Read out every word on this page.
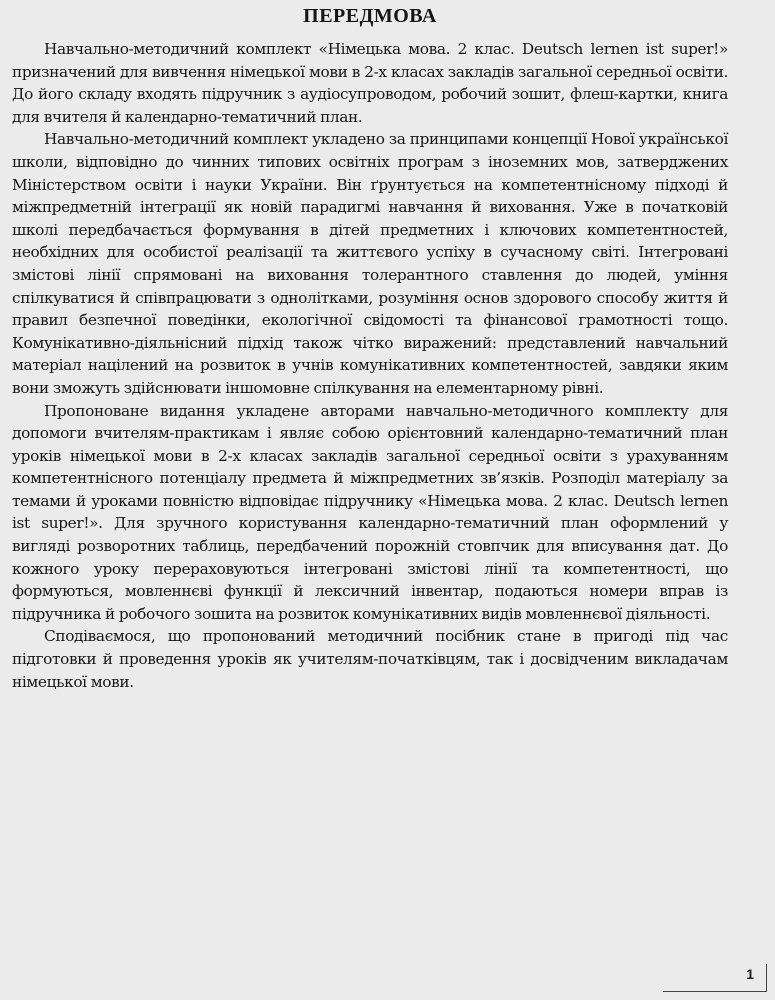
ПЕРЕДМОВА

Навчально-методичний комплект «Німецька мова. 2 клас. Deutsch lernen ist super!» призначений для вивчення німецької мови в 2-х класах закладів загальної середньої освіти. До його складу входять підручник з аудіосупроводом, робочий зошит, флеш-картки, книга для вчителя й календарно-тематичний план.

Навчально-методичний комплект укладено за принципами концепції Нової української школи, відповідно до чинних типових освітніх програм з іноземних мов, затверджених Міністерством освіти і науки України. Він ґрунтується на компетентнісному підході й міжпредметній інтеграції як новій парадигмі навчання й виховання. Уже в початковій школі передбачається формування в дітей предметних і ключових компетентностей, необхідних для особистої реалізації та життєвого успіху в сучасному світі. Інтегровані змістові лінії спрямовані на виховання толерантного ставлення до людей, уміння спілкуватися й співпрацювати з однолітками, розуміння основ здорового способу життя й правил безпечної поведінки, екологічної свідомості та фінансової грамотності тощо. Комунікативно-діяльнісний підхід також чітко виражений: представлений навчальний матеріал націлений на розвиток в учнів комунікативних компетентностей, завдяки яким вони зможуть здійснювати іншомовне спілкування на елементарному рівні.

Пропоноване видання укладене авторами навчально-методичного комплекту для допомоги вчителям-практикам і являє собою орієнтовний календарно-тематичний план уроків німецької мови в 2-х класах закладів загальної середньої освіти з урахуванням компетентнісного потенціалу предмета й міжпредметних зв’язків. Розподіл матеріалу за темами й уроками повністю відповідає підручнику «Німецька мова. 2 клас. Deutsch lernen ist super!». Для зручного користування календарно-тематичний план оформлений у вигляді розворотних таблиць, передбачений порожній стовпчик для вписування дат. До кожного уроку перераховуються інтегровані змістові лінії та компетентності, що формуються, мовленнєві функції й лексичний інвентар, подаються номери вправ із підручника й робочого зошита на розвиток комунікативних видів мовленнєвої діяльності.

Сподіваємося, що пропонований методичний посібник стане в пригоді під час підготовки й проведення уроків як учителям-початківцям, так і досвідченим викладачам німецької мови.

1
